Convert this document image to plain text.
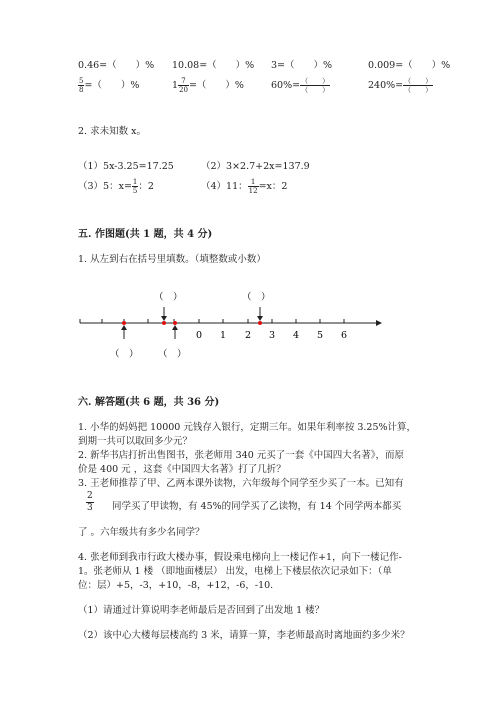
0.46=（　　）% 10.08=（　　）% 3=（　　）%	0.009=（　　）%
$\frac{5}{8}$ =（　　）%	$1 \frac{7}{20}$ =（　　）%	$60\%= \frac{( )}{( )}$	$240\%= \frac{( )}{( )}$
2. 求未知数 x。
（1）5x-3.25=17.25	（2）3×2.7+2x=137.9
（3）5：$x= \frac{1}{5}$ ：2	（4）11： $\frac{1}{12} =x$：2
五. 作图题(共 1 题，共 4 分)
1. 从左到右在括号里填数。（填整数或小数）
0 1 2 3 4 5 6
（　）	（　）
（　） （　）
六. 解答题(共 6 题，共 36 分)
1. 小华的妈妈把 10000 元钱存入银行，定期三年。如果年利率按 3.25%计算，
到期一共可以取回多少元？
2. 新华书店打折出售图书，张老师用 340 元买了一套《中国四大名著》，而原
价是 400 元 ，这套《中国四大名著》打了几折？
3. 王老师推荐了甲、乙两本课外读物，六年级每个同学至少买了一本。已知有
$\frac{2}{3}$ 同学买了甲读物，有 45%的同学买了乙读物，有 14 个同学两本都买
了 。六年级共有多少名同学？
4. 张老师到我市行政大楼办事，假设乘电梯向上一楼记作+1，向下一楼记作-
1。张老师从 1 楼 （即地面楼层） 出发，电梯上下楼层依次记录如下：（单
位：层）+5，-3，+10，-8，+12，-6，-10.
（1）请通过计算说明李老师最后是否回到了出发地 1 楼？
（2）该中心大楼每层楼高约 3 米，请算一算，李老师最高时离地面约多少米？
